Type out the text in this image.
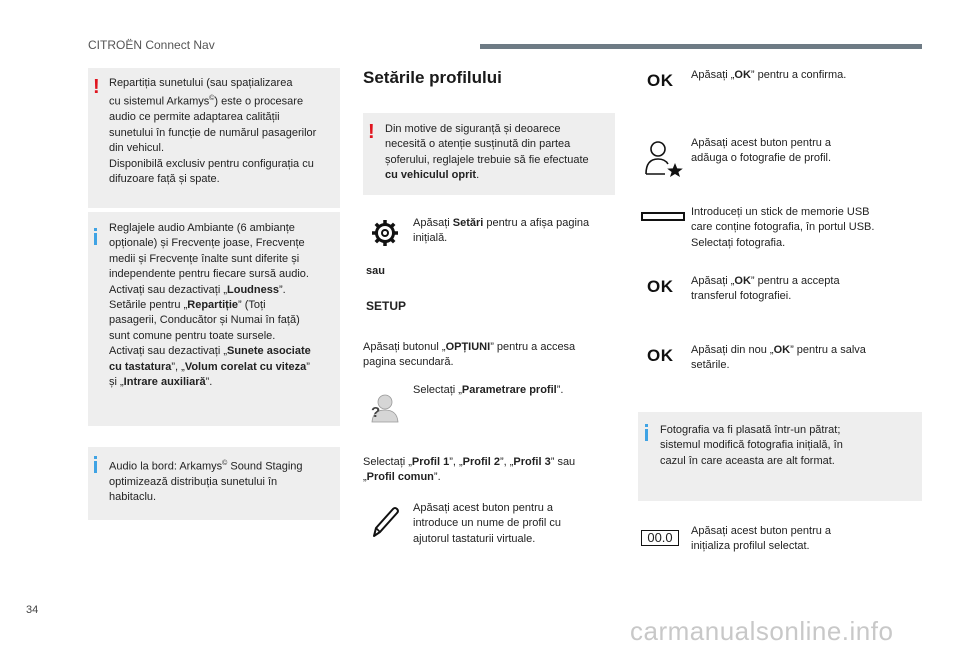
CITROËN Connect Nav
! Repartiția sunetului (sau spațializarea
cu sistemul Arkamys©) este o procesare
audio ce permite adaptarea calității
sunetului în funcție de numărul pasagerilor
din vehicul.
Disponibilă exclusiv pentru configurația cu
difuzoare față și spate.
Reglajele audio Ambiante (6 ambianțe
opționale) și Frecvențe joase, Frecvențe
medii și Frecvențe înalte sunt diferite și
independente pentru fiecare sursă audio.
Activați sau dezactivați „Loudness”.
Setările pentru „Repartiție” (Toți
pasagerii, Conducător și Numai în față)
sunt comune pentru toate sursele.
Activați sau dezactivați „Sunete asociate
cu tastatura”, „Volum corelat cu viteza”
și „Intrare auxiliară”.
Audio la bord: Arkamys© Sound Staging
optimizează distribuția sunetului în
habitaclu.
Setările profilului
! Din motive de siguranță și deoarece
necesită o atenție susținută din partea
șoferului, reglajele trebuie să fie efectuate
cu vehiculul oprit.
Apăsați Setări pentru a afișa pagina
inițială.
sau
SETUP
Apăsați butonul „OPȚIUNI” pentru a accesa
pagina secundară.
?
Selectați „Parametrare profil”.
Selectați „Profil 1”, „Profil 2”, „Profil 3” sau
„Profil comun”.
Apăsați acest buton pentru a
introduce un nume de profil cu
ajutorul tastaturii virtuale.
OK Apăsați „OK” pentru a confirma.
Apăsați acest buton pentru a
adăuga o fotografie de profil.
Introduceți un stick de memorie USB
care conține fotografia, în portul USB.
Selectați fotografia.
OK Apăsați „OK” pentru a accepta
transferul fotografiei.
OK Apăsați din nou „OK” pentru a salva
setările.
Fotografia va fi plasată într-un pătrat;
sistemul modifică fotografia inițială, în
cazul în care aceasta are alt format.
00.0	Apăsați acest buton pentru a
inițializa profilul selectat.
34
carmanualsonline.info
